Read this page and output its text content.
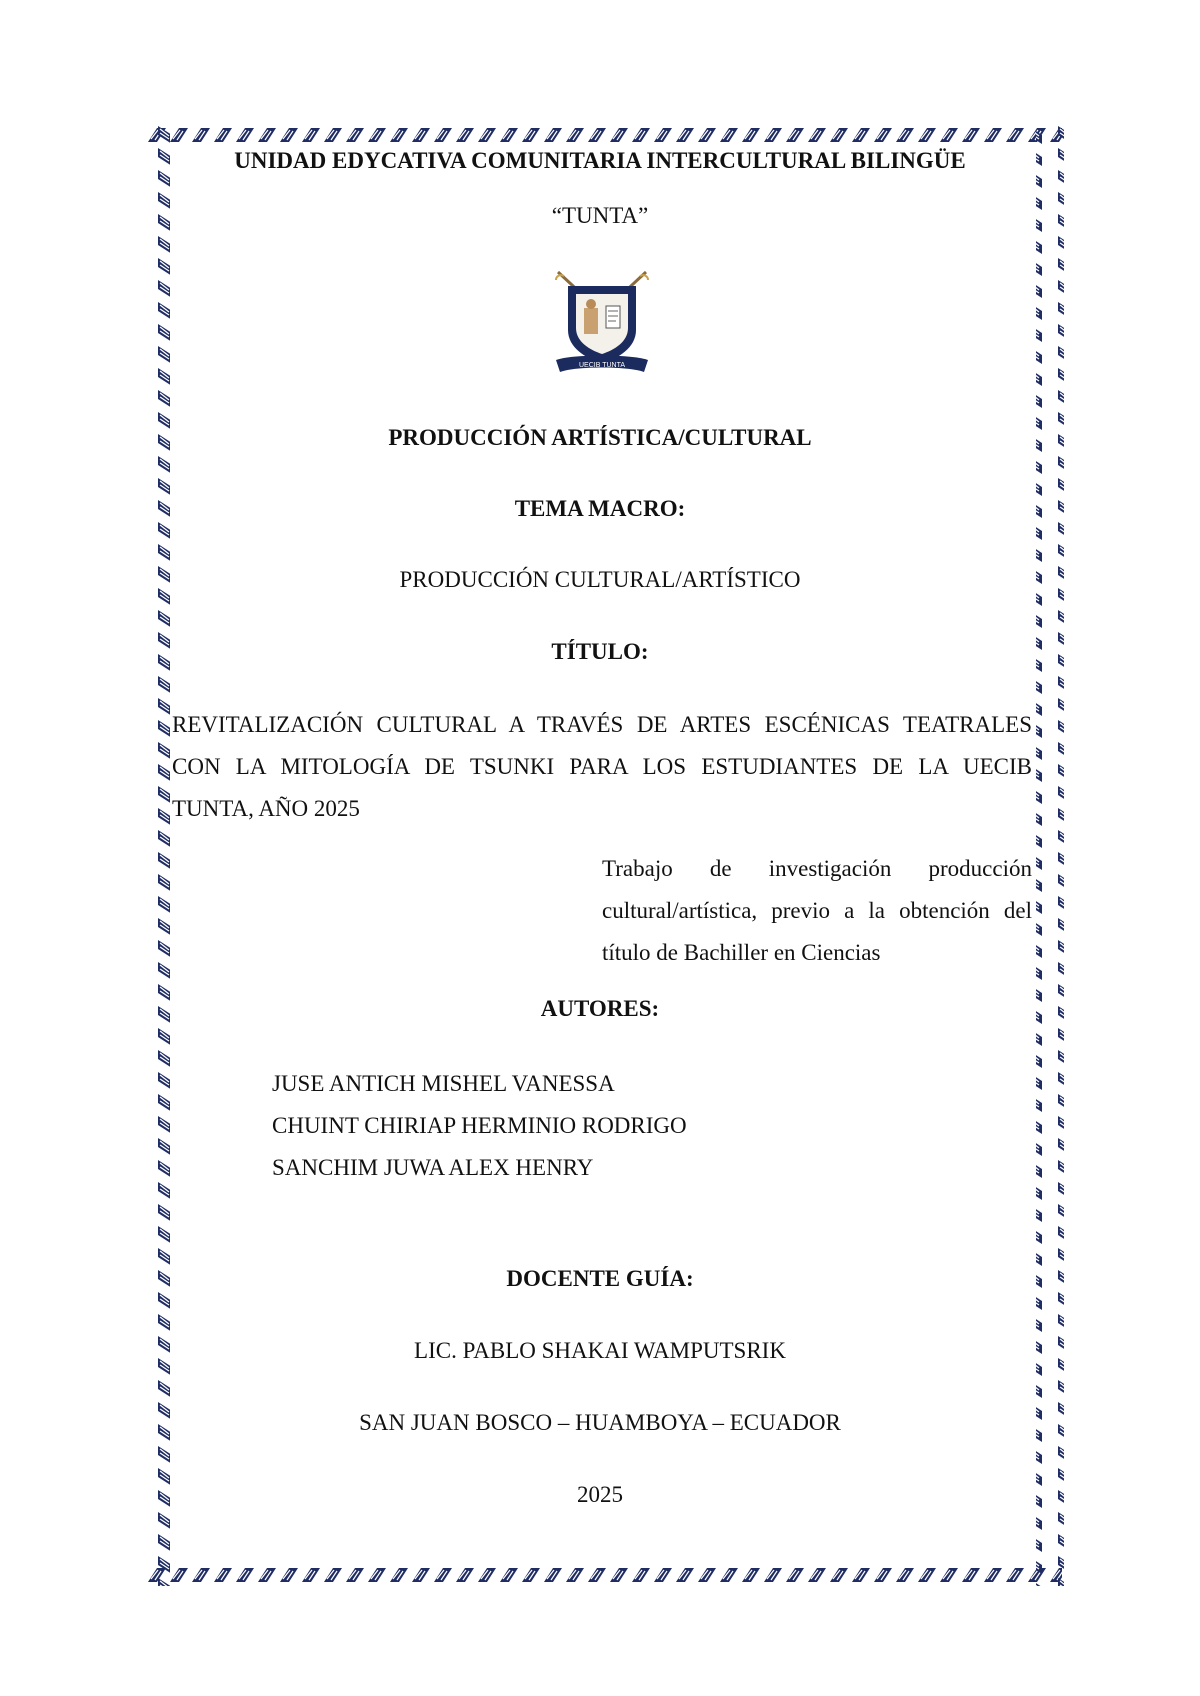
UNIDAD EDYCATIVA COMUNITARIA INTERCULTURAL BILINGÜE
“TUNTA”
UECIB TUNTA
PRODUCCIÓN ARTÍSTICA/CULTURAL
TEMA MACRO:
PRODUCCIÓN CULTURAL/ARTÍSTICO
TÍTULO:
REVITALIZACIÓN CULTURAL A TRAVÉS DE ARTES ESCÉNICAS TEATRALES
CON LA MITOLOGÍA DE TSUNKI PARA LOS ESTUDIANTES DE LA UECIB
TUNTA, AÑO 2025
Trabajo de investigación producción
cultural/artística, previo a la obtención del
título de Bachiller en Ciencias
AUTORES:
JUSE ANTICH MISHEL VANESSA
CHUINT CHIRIAP HERMINIO RODRIGO
SANCHIM JUWA ALEX HENRY
DOCENTE GUÍA:
LIC. PABLO SHAKAI WAMPUTSRIK
SAN JUAN BOSCO – HUAMBOYA – ECUADOR
2025
